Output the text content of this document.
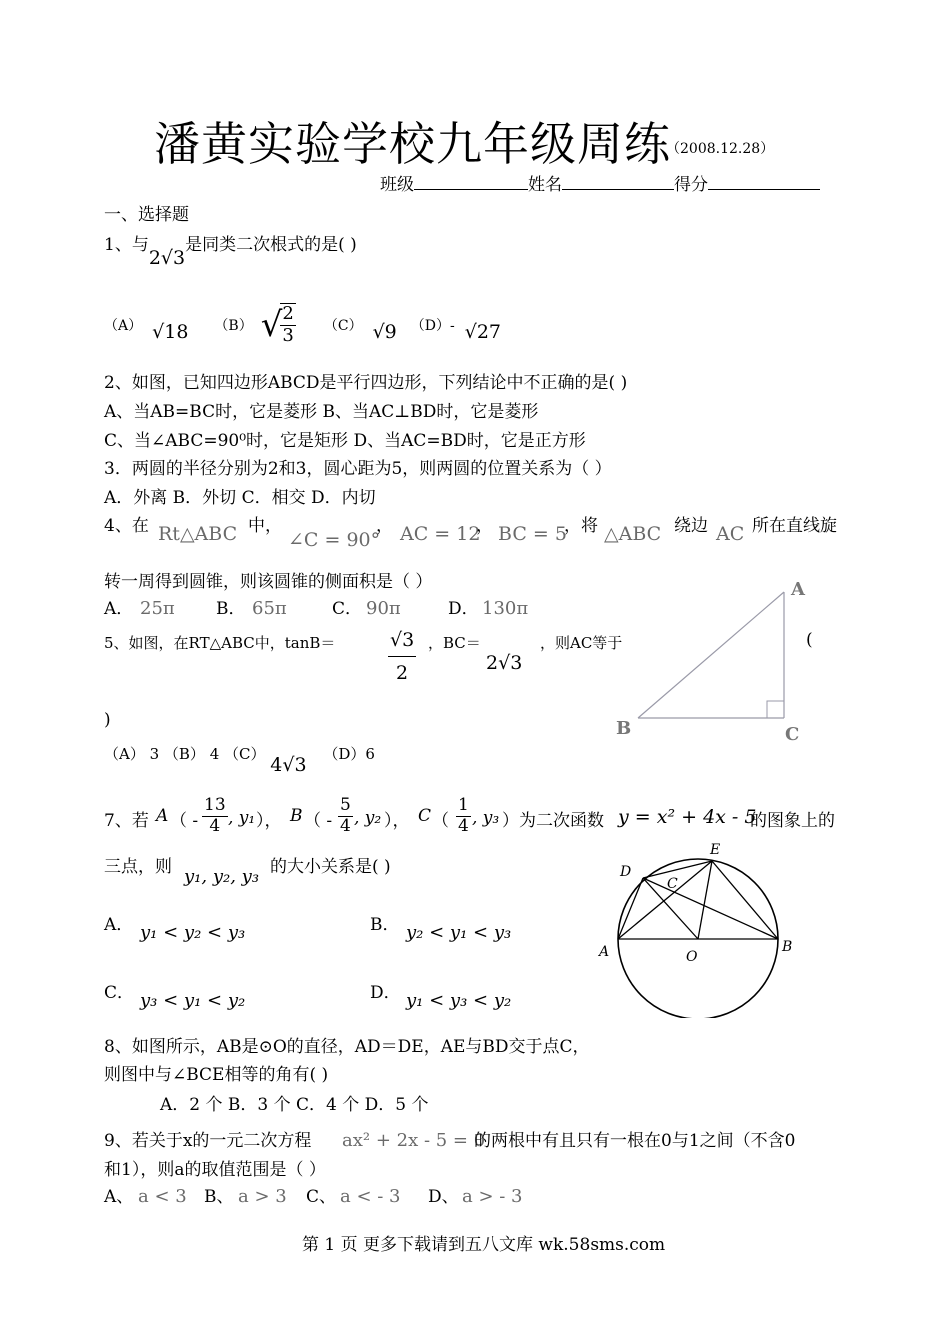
潘黄实验学校九年级周练
（2008.12.28）
班级	姓名	得分
一、选择题
1、与2√3是同类二次根式的是( )
（A） √18 （B） √
$\frac{2}{3} (C)$ √9 （D）- √27
2、如图，已知四边形ABCD是平行四边形，下列结论中不正确的是( )
A、当AB=BC时，它是菱形 B、当AC⊥BD时，它是菱形
C、当∠ABC=90⁰时，它是矩形 D、当AC=BD时，它是正方形
3．两圆的半径分别为2和3，圆心距为5，则两圆的位置关系为（ ）
A．外离 B．外切 C．相交 D．内切
4、在 Rt△ABC 中，
∠C = 90°
， AC = 12
， BC = 5
，将 △ABC 绕边 AC 所在直线旋
转一周得到圆锥，则该圆锥的侧面积是（ ）
A． 25π B． 65π	C． 90π	D． 130π
5、如图，在RT△ABC中，tanB＝	$\frac{√3}{2}$ ，BC＝
2√3
，则AC等于	(
)
（A） 3 （B） 4 （C） 4√3 （D）6
A
B	C
7、若 A （ - $\frac{13}{4}$ , y₁ ）， B （ - $\frac{5}{4}$ , y₂ ）， C （ $\frac{1}{4}$ , y₃ ）为二次函数 y = x² + 4x - 5
的图象上的
三点，则 y₁, y₂, y₃ 的大小关系是( )
A． y₁ < y₂ < y₃	B． y₂ < y₁ < y₃
C． y₃ < y₁ < y₂	D． y₁ < y₃ < y₂
D
E
C
A	B
O
8、如图所示，AB是⊙O的直径，AD＝DE，AE与BD交于点C，
则图中与∠BCE相等的角有( )
A．2 个 B．3 个 C．4 个 D．5 个
9、若关于x的一元二次方程 ax² + 2x - 5 = 0
的两根中有且只有一根在0与1之间（不含0
和1），则a的取值范围是（ ）
A、 a < 3 B、 a > 3 C、 a < - 3 D、 a > - 3
第 1 页 更多下载请到五八文库 wk.58sms.com
